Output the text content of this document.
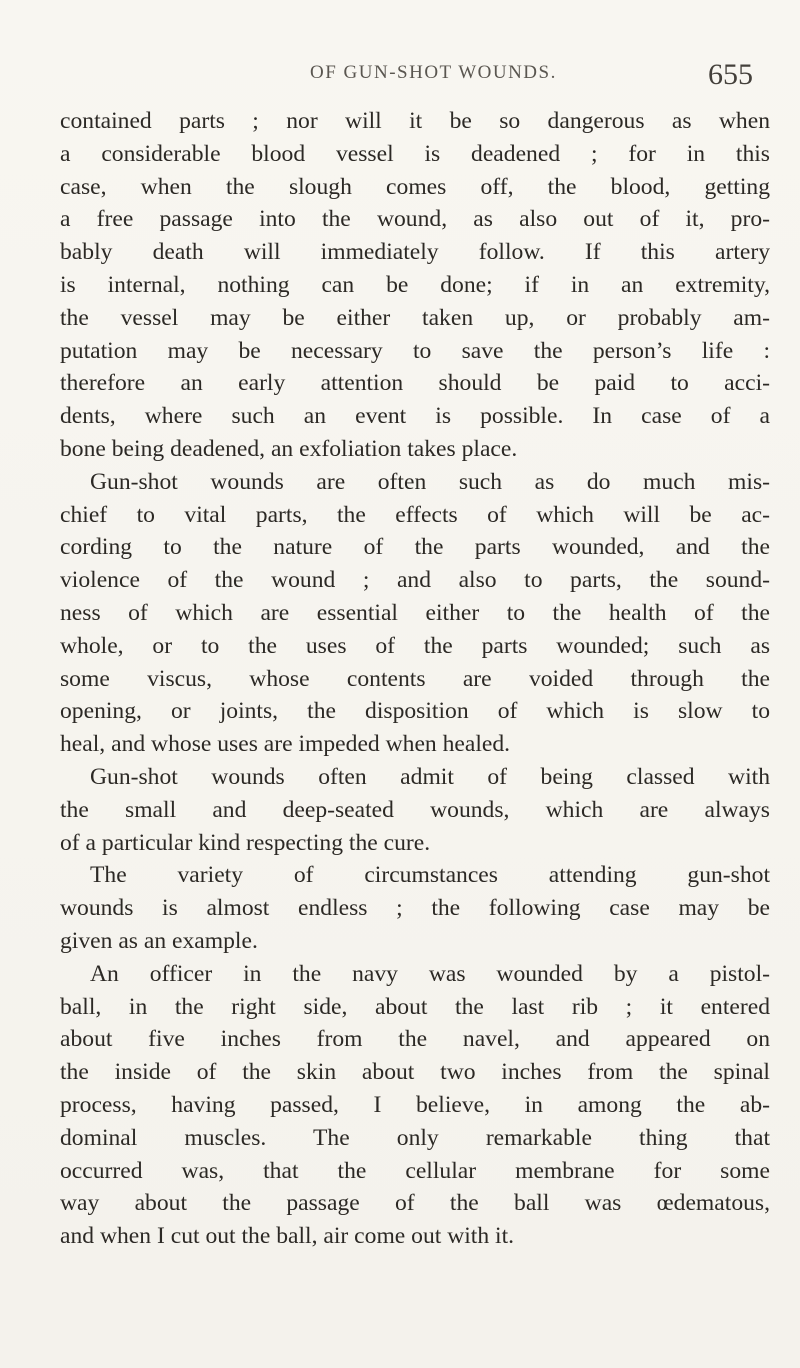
OF GUN-SHOT WOUNDS.	655
contained parts ; nor will it be so dangerous as when
a considerable blood vessel is deadened ; for in this
case, when the slough comes off, the blood, getting
a free passage into the wound, as also out of it, pro-
bably death will immediately follow. If this artery
is internal, nothing can be done; if in an extremity,
the vessel may be either taken up, or probably am-
putation may be necessary to save the person’s life :
therefore an early attention should be paid to acci-
dents, where such an event is possible. In case of a
bone being deadened, an exfoliation takes place.
Gun-shot wounds are often such as do much mis-
chief to vital parts, the effects of which will be ac-
cording to the nature of the parts wounded, and the
violence of the wound ; and also to parts, the sound-
ness of which are essential either to the health of the
whole, or to the uses of the parts wounded; such as
some viscus, whose contents are voided through the
opening, or joints, the disposition of which is slow to
heal, and whose uses are impeded when healed.
Gun-shot wounds often admit of being classed with
the small and deep-seated wounds, which are always
of a particular kind respecting the cure.
The variety of circumstances attending gun-shot
wounds is almost endless ; the following case may be
given as an example.
An officer in the navy was wounded by a pistol-
ball, in the right side, about the last rib ; it entered
about five inches from the navel, and appeared on
the inside of the skin about two inches from the spinal
process, having passed, I believe, in among the ab-
dominal muscles. The only remarkable thing that
occurred was, that the cellular membrane for some
way about the passage of the ball was œdematous,
and when I cut out the ball, air come out with it.
